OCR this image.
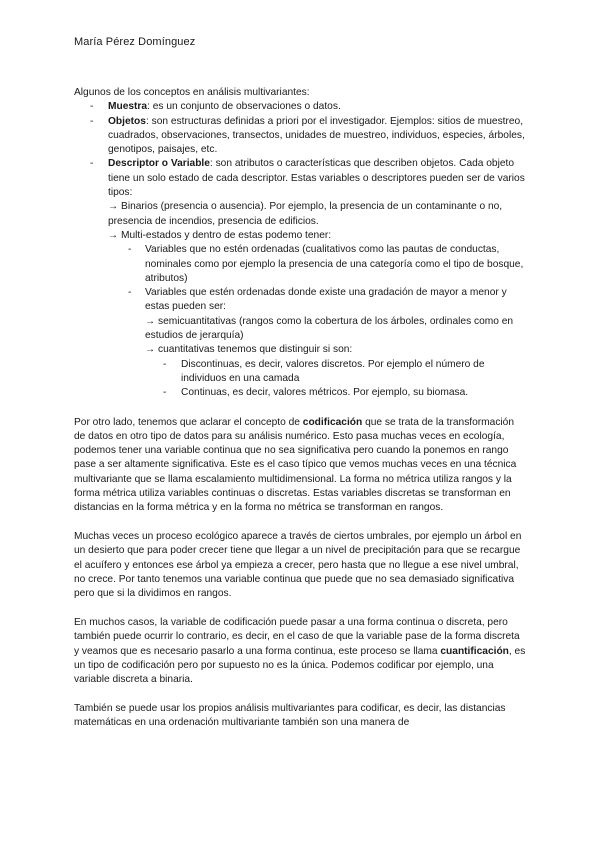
María Pérez Domínguez

Algunos de los conceptos en análisis multivariantes:

- Muestra: es un conjunto de observaciones o datos.
- Objetos: son estructuras definidas a priori por el investigador. Ejemplos: sitios de muestreo, cuadrados, observaciones, transectos, unidades de muestreo, individuos, especies, árboles, genotipos, paisajes, etc.
- Descriptor o Variable: son atributos o características que describen objetos. Cada objeto tiene un solo estado de cada descriptor. Estas variables o descriptores pueden ser de varios tipos:
→ Binarios (presencia o ausencia). Por ejemplo, la presencia de un contaminante o no, presencia de incendios, presencia de edificios.
→ Multi-estados y dentro de estas podemo tener:
- Variables que no estén ordenadas (cualitativos como las pautas de conductas, nominales como por ejemplo la presencia de una categoría como el tipo de bosque, atributos)
- Variables que estén ordenadas donde existe una gradación de mayor a menor y estas pueden ser:
→ semicuantitativas (rangos como la cobertura de los árboles, ordinales como en estudios de jerarquía)
→ cuantitativas tenemos que distinguir si son:
- Discontinuas, es decir, valores discretos. Por ejemplo el número de individuos en una camada
- Continuas, es decir, valores métricos. Por ejemplo, su biomasa.

Por otro lado, tenemos que aclarar el concepto de codificación que se trata de la transformación de datos en otro tipo de datos para su análisis numérico. Esto pasa muchas veces en ecología, podemos tener una variable continua que no sea significativa pero cuando la ponemos en rango pase a ser altamente significativa. Este es el caso típico que vemos muchas veces en una técnica multivariante que se llama escalamiento multidimensional. La forma no métrica utiliza rangos y la forma métrica utiliza variables continuas o discretas. Estas variables discretas se transforman en distancias en la forma métrica y en la forma no métrica se transforman en rangos.

Muchas veces un proceso ecológico aparece a través de ciertos umbrales, por ejemplo un árbol en un desierto que para poder crecer tiene que llegar a un nivel de precipitación para que se recargue el acuífero y entonces ese árbol ya empieza a crecer, pero hasta que no llegue a ese nivel umbral, no crece. Por tanto tenemos una variable continua que puede que no sea demasiado significativa pero que si la dividimos en rangos.

En muchos casos, la variable de codificación puede pasar a una forma continua o discreta, pero también puede ocurrir lo contrario, es decir, en el caso de que la variable pase de la forma discreta y veamos que es necesario pasarlo a una forma continua, este proceso se llama cuantificación, es un tipo de codificación pero por supuesto no es la única. Podemos codificar por ejemplo, una variable discreta a binaria.

También se puede usar los propios análisis multivariantes para codificar, es decir, las distancias matemáticas en una ordenación multivariante también son una manera de
